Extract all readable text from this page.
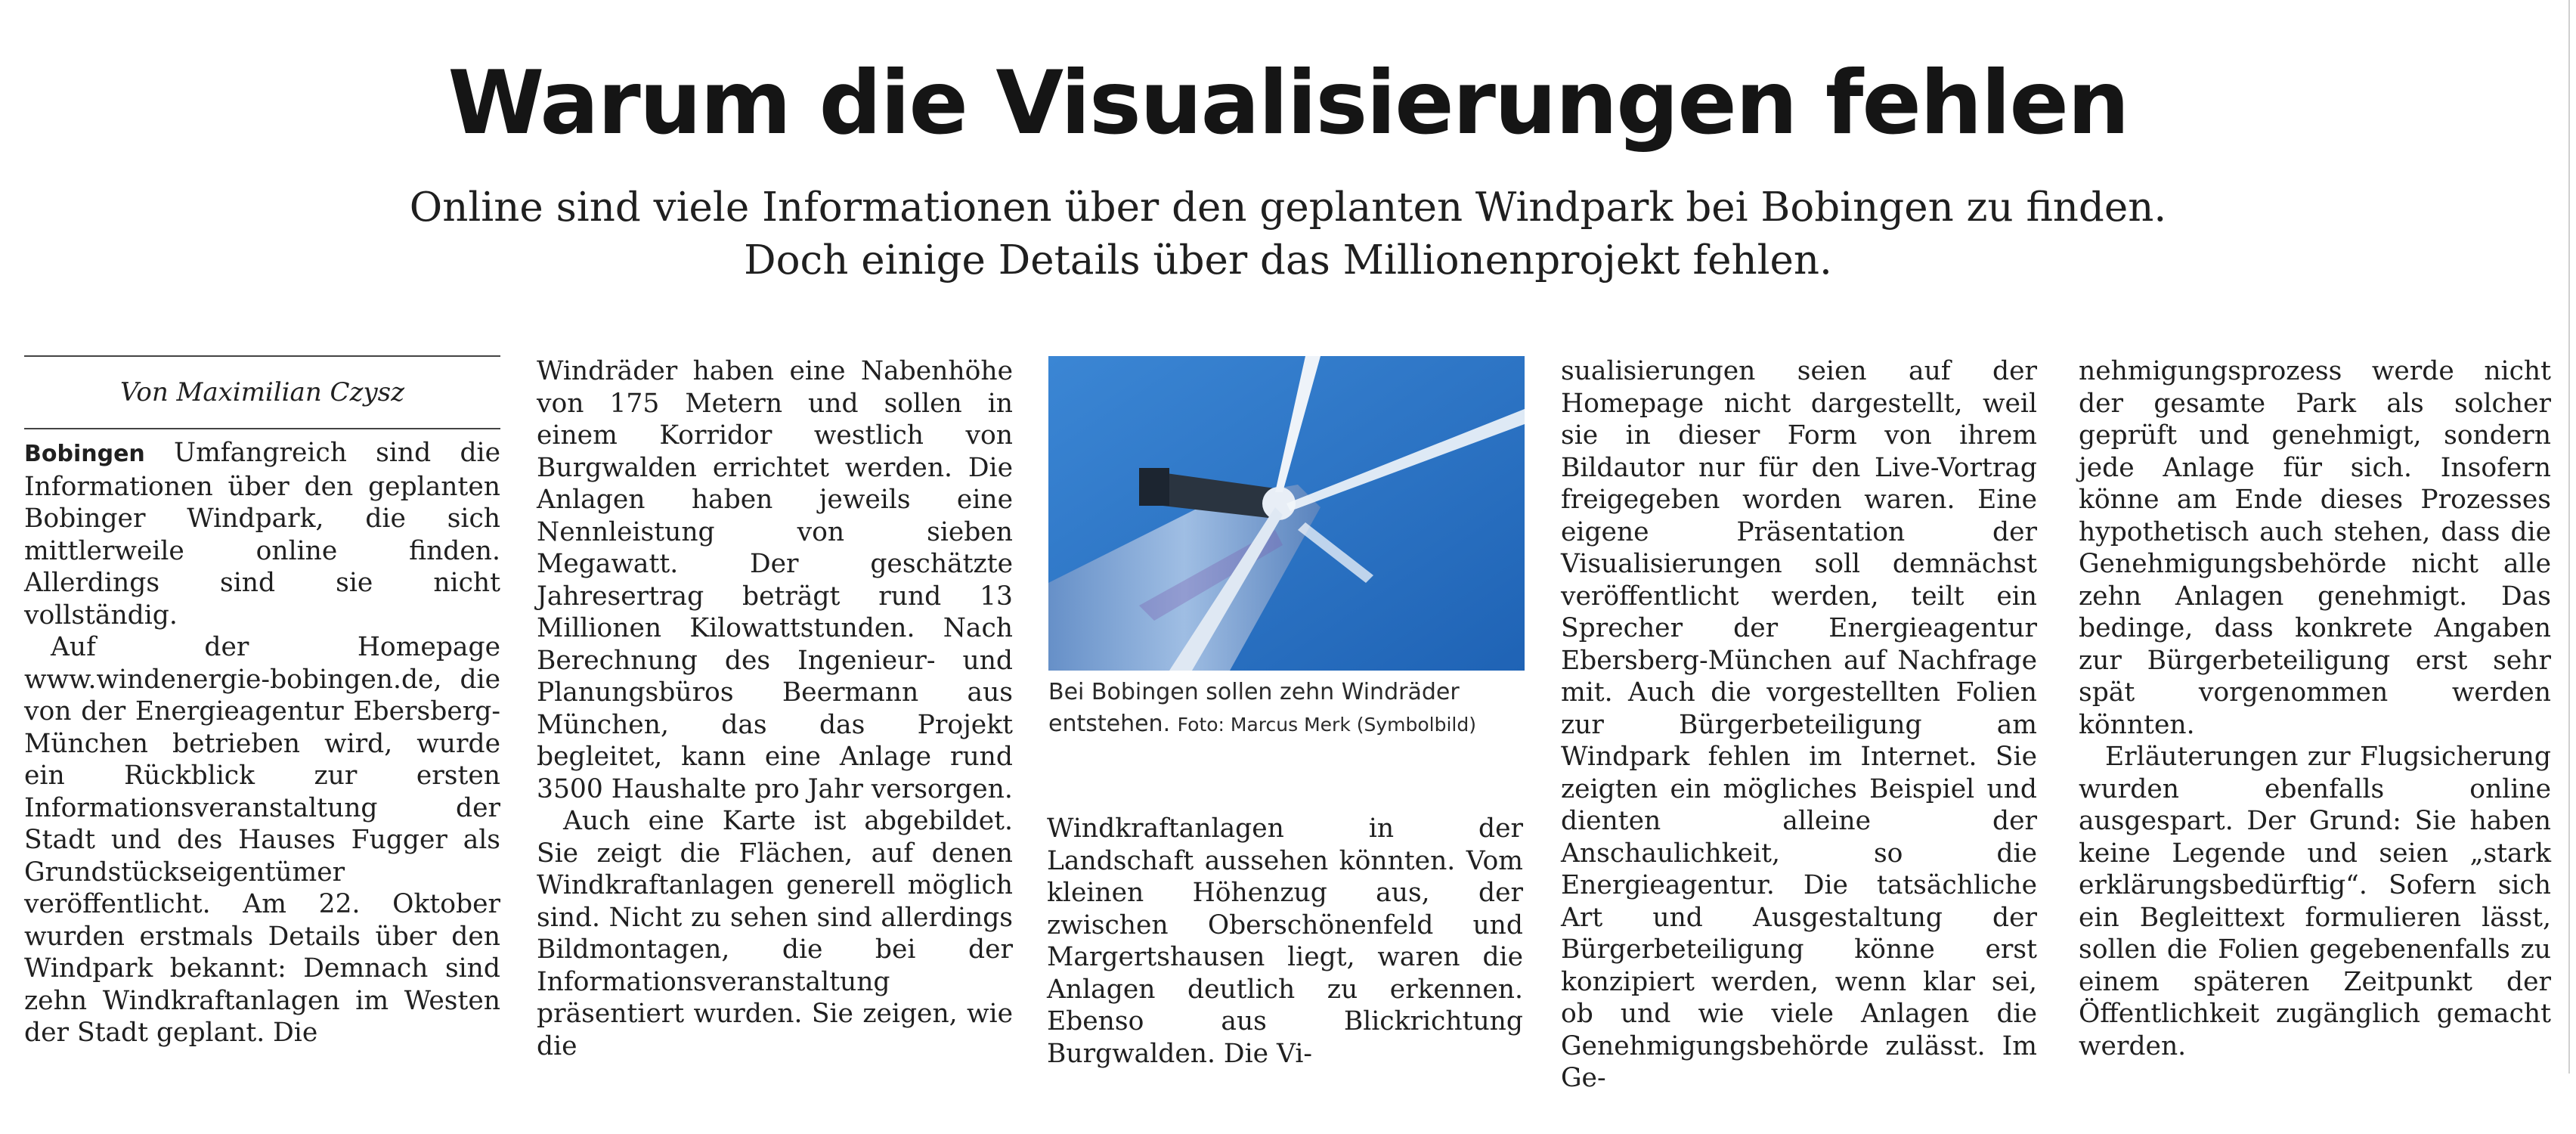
Warum die Visualisierungen fehlen
Online sind viele Informationen über den geplanten Windpark bei Bobingen zu finden.
Doch einige Details über das Millionenprojekt fehlen.
Von Maximilian Czysz

Bobingen Umfangreich sind die Informationen über den geplanten Bobinger Windpark, die sich mittlerweile online finden. Allerdings sind sie nicht vollständig.

Auf der Homepage www.windenergie-bobingen.de, die von der Energieagentur Ebersberg-München betrieben wird, wurde ein Rückblick zur ersten Informationsveranstaltung der Stadt und des Hauses Fugger als Grundstückseigentümer veröffentlicht. Am 22. Oktober wurden erstmals Details über den Windpark bekannt: Demnach sind zehn Windkraftanlagen im Westen der Stadt geplant. Die

Windräder haben eine Nabenhöhe von 175 Metern und sollen in einem Korridor westlich von Burgwalden errichtet werden. Die Anlagen haben jeweils eine Nennleistung von sieben Megawatt. Der geschätzte Jahresertrag beträgt rund 13 Millionen Kilowattstunden. Nach Berechnung des Ingenieur- und Planungsbüros Beermann aus München, das das Projekt begleitet, kann eine Anlage rund 3500 Haushalte pro Jahr versorgen.

Auch eine Karte ist abgebildet. Sie zeigt die Flächen, auf denen Windkraftanlagen generell möglich sind. Nicht zu sehen sind allerdings Bildmontagen, die bei der Informationsveranstaltung präsentiert wurden. Sie zeigen, wie die

Bei Bobingen sollen zehn Windräder entstehen. Foto: Marcus Merk (Symbolbild)

Windkraftanlagen in der Landschaft aussehen könnten. Vom kleinen Höhenzug aus, der zwischen Oberschönenfeld und Margertshausen liegt, waren die Anlagen deutlich zu erkennen. Ebenso aus Blickrichtung Burgwalden. Die Vi-

sualisierungen seien auf der Homepage nicht dargestellt, weil sie in dieser Form von ihrem Bildautor nur für den Live-Vortrag freigegeben worden waren. Eine eigene Präsentation der Visualisierungen soll demnächst veröffentlicht werden, teilt ein Sprecher der Energieagentur Ebersberg-München auf Nachfrage mit. Auch die vorgestellten Folien zur Bürgerbeteiligung am Windpark fehlen im Internet. Sie zeigten ein mögliches Beispiel und dienten alleine der Anschaulichkeit, so die Energieagentur. Die tatsächliche Art und Ausgestaltung der Bürgerbeteiligung könne erst konzipiert werden, wenn klar sei, ob und wie viele Anlagen die Genehmigungsbehörde zulässt. Im Ge-

nehmigungsprozess werde nicht der gesamte Park als solcher geprüft und genehmigt, sondern jede Anlage für sich. Insofern könne am Ende dieses Prozesses hypothetisch auch stehen, dass die Genehmigungsbehörde nicht alle zehn Anlagen genehmigt. Das bedinge, dass konkrete Angaben zur Bürgerbeteiligung erst sehr spät vorgenommen werden könnten.

Erläuterungen zur Flugsicherung wurden ebenfalls online ausgespart. Der Grund: Sie haben keine Legende und seien „stark erklärungsbedürftig“. Sofern sich ein Begleittext formulieren lässt, sollen die Folien gegebenenfalls zu einem späteren Zeitpunkt der Öffentlichkeit zugänglich gemacht werden.
